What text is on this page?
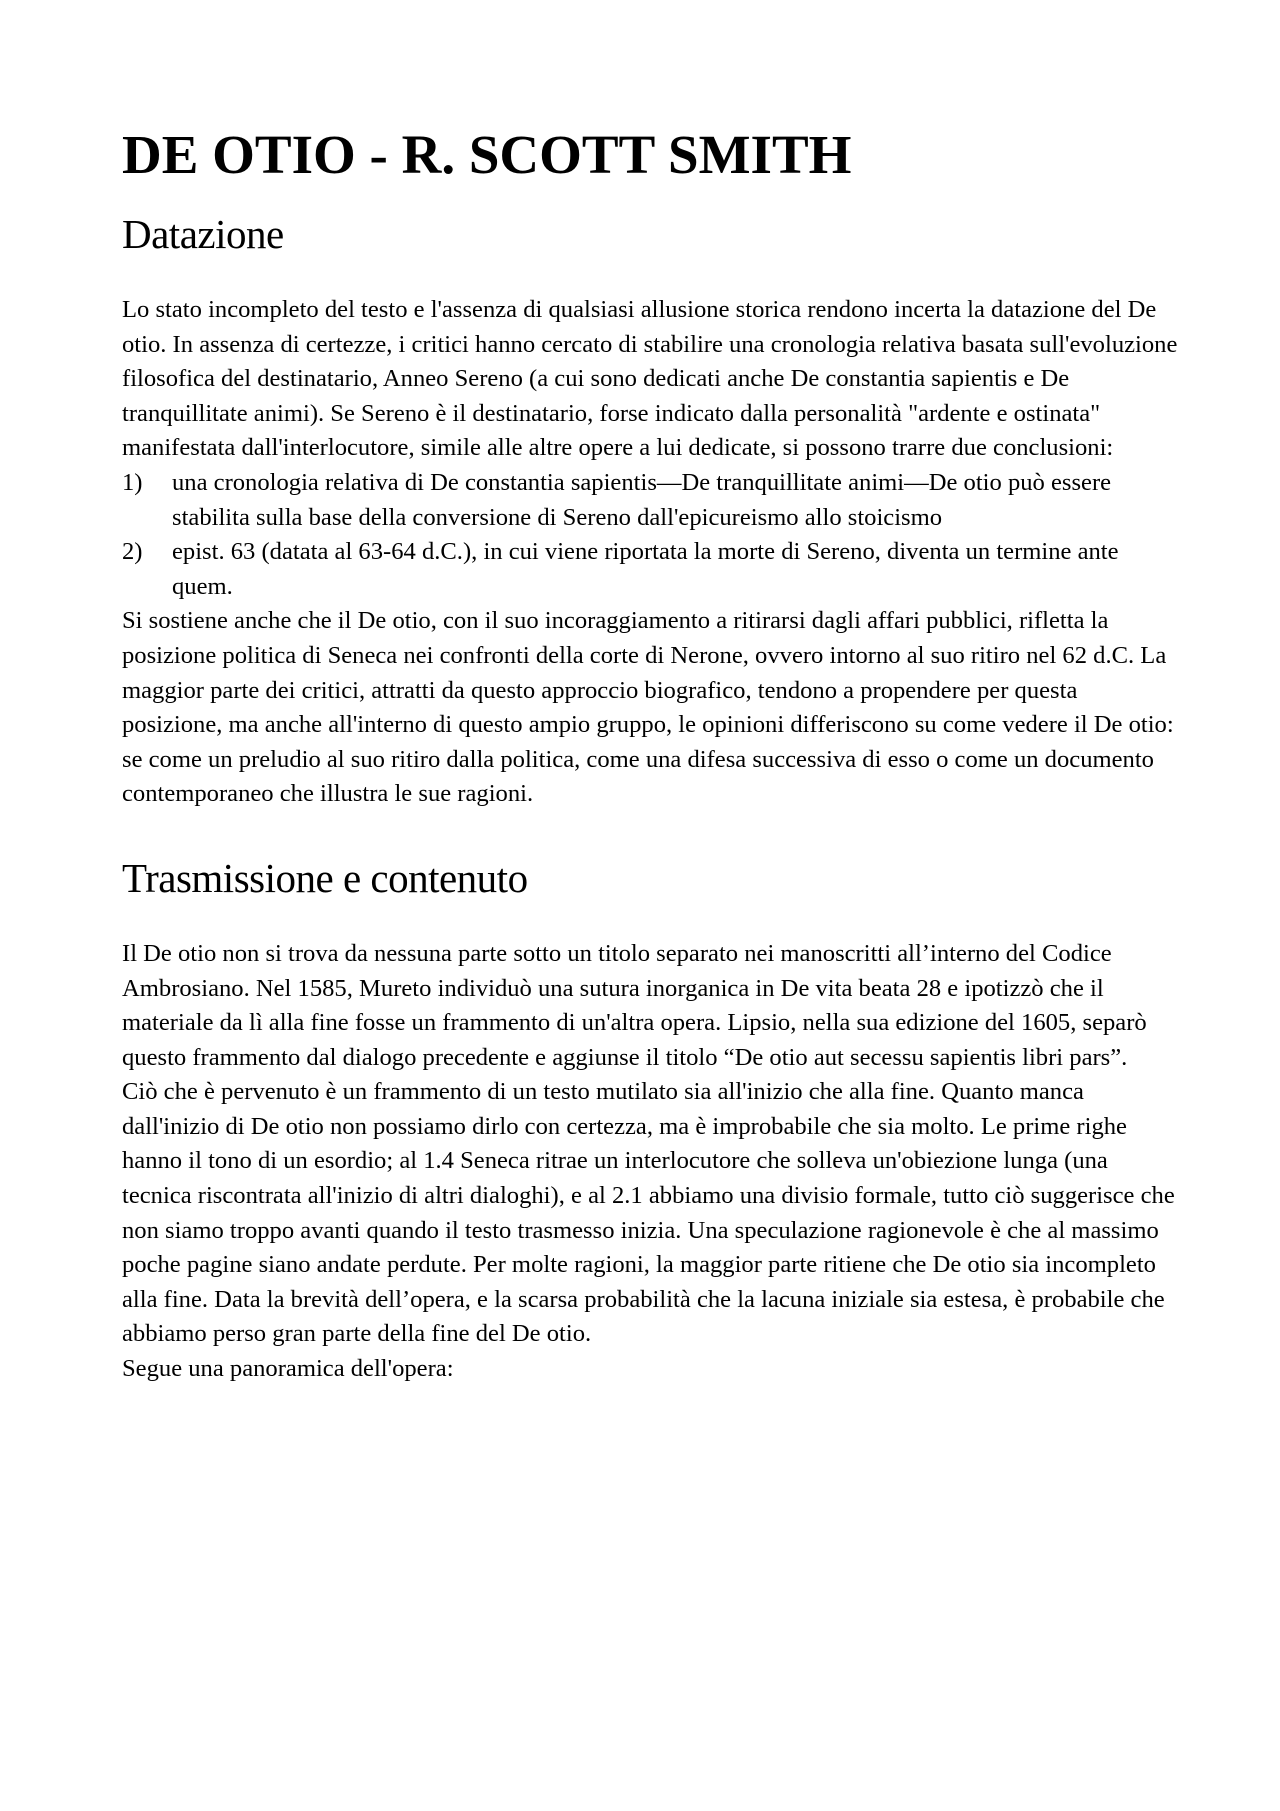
DE OTIO - R. SCOTT SMITH
Datazione

Lo stato incompleto del testo e l'assenza di qualsiasi allusione storica rendono incerta la datazione del De otio. In assenza di certezze, i critici hanno cercato di stabilire una cronologia relativa basata sull'evoluzione filosofica del destinatario, Anneo Sereno (a cui sono dedicati anche De constantia sapientis e De tranquillitate animi). Se Sereno è il destinatario, forse indicato dalla personalità "ardente e ostinata" manifestata dall'interlocutore, simile alle altre opere a lui dedicate, si possono trarre due conclusioni:

1) una cronologia relativa di De constantia sapientis—De tranquillitate animi—De otio può essere stabilita sulla base della conversione di Sereno dall'epicureismo allo stoicismo
2) epist. 63 (datata al 63-64 d.C.), in cui viene riportata la morte di Sereno, diventa un termine ante quem.

Si sostiene anche che il De otio, con il suo incoraggiamento a ritirarsi dagli affari pubblici, rifletta la posizione politica di Seneca nei confronti della corte di Nerone, ovvero intorno al suo ritiro nel 62 d.C. La maggior parte dei critici, attratti da questo approccio biografico, tendono a propendere per questa posizione, ma anche all'interno di questo ampio gruppo, le opinioni differiscono su come vedere il De otio: se come un preludio al suo ritiro dalla politica, come una difesa successiva di esso o come un documento contemporaneo che illustra le sue ragioni.

Trasmissione e contenuto

Il De otio non si trova da nessuna parte sotto un titolo separato nei manoscritti all’interno del Codice Ambrosiano. Nel 1585, Mureto individuò una sutura inorganica in De vita beata 28 e ipotizzò che il materiale da lì alla fine fosse un frammento di un'altra opera. Lipsio, nella sua edizione del 1605, separò questo frammento dal dialogo precedente e aggiunse il titolo “De otio aut secessu sapientis libri pars”.

Ciò che è pervenuto è un frammento di un testo mutilato sia all'inizio che alla fine. Quanto manca dall'inizio di De otio non possiamo dirlo con certezza, ma è improbabile che sia molto. Le prime righe hanno il tono di un esordio; al 1.4 Seneca ritrae un interlocutore che solleva un'obiezione lunga (una tecnica riscontrata all'inizio di altri dialoghi), e al 2.1 abbiamo una divisio formale, tutto ciò suggerisce che non siamo troppo avanti quando il testo trasmesso inizia. Una speculazione ragionevole è che al massimo poche pagine siano andate perdute. Per molte ragioni, la maggior parte ritiene che De otio sia incompleto alla fine. Data la brevità dell’opera, e la scarsa probabilità che la lacuna iniziale sia estesa, è probabile che abbiamo perso gran parte della fine del De otio.

Segue una panoramica dell'opera:
